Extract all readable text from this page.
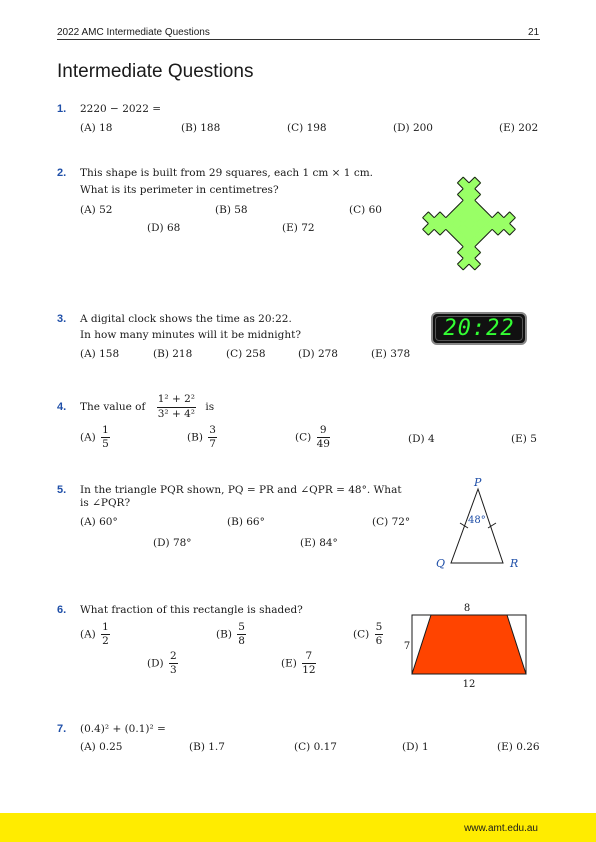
2022 AMC Intermediate Questions	21
Intermediate Questions
1. 2220 − 2022 =
(A) 18	(B) 188	(C) 198	(D) 200	(E) 202
2. This shape is built from 29 squares, each 1 cm × 1 cm.
What is its perimeter in centimetres?
(A) 52	(B) 58	(C) 60
(D) 68	(E) 72
3. A digital clock shows the time as 20:22.
In how many minutes will it be midnight?
(A) 158	(B) 218	(C) 258	(D) 278	(E) 378
20:22
4. The value of $\frac{\text{1² + 2²}}{\text{3² + 4²}}$ is
$(A) \frac{1}{5}$	$(B) \frac{3}{7}$	$(C) \frac{9}{49}$	(D) 4	(E) 5
5. In the triangle PQR shown, PQ = PR and ∠QPR = 48°. What
is ∠PQR?
(A) 60°	(B) 66°	(C) 72°
(D) 78°	(E) 84°
P
Q	R
48°
6. What fraction of this rectangle is shaded?
$(A) \frac{1}{2}$	$(B) \frac{5}{8}$	$(C) \frac{5}{6}$
$(D) \frac{2}{3}$	$(E) \frac{7}{12}$
8
7
12
7. (0.4)² + (0.1)² =
(A) 0.25	(B) 1.7	(C) 0.17	(D) 1	(E) 0.26
www.amt.edu.au
